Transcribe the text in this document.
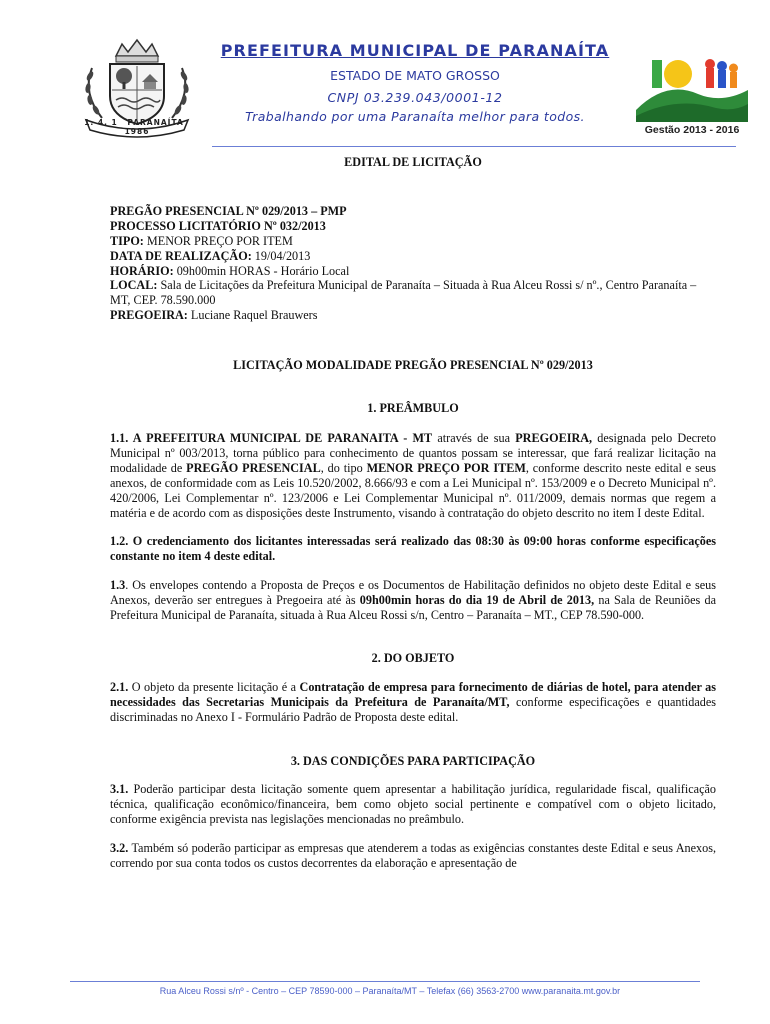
1. 4. 1 PARANAÍTA 1986
PREFEITURA MUNICIPAL DE PARANAÍTA
ESTADO DE MATO GROSSO
CNPJ 03.239.043/0001-12
Trabalhando por uma Paranaíta melhor para todos.
Gestão 2013 - 2016
EDITAL DE LICITAÇÃO

PREGÃO PRESENCIAL Nº 029/2013 – PMP

PROCESSO LICITATÓRIO Nº 032/2013

TIPO: MENOR PREÇO POR ITEM

DATA DE REALIZAÇÃO: 19/04/2013

HORÁRIO: 09h00min HORAS - Horário Local

LOCAL: Sala de Licitações da Prefeitura Municipal de Paranaíta – Situada à Rua Alceu Rossi s/ nº., Centro Paranaíta – MT, CEP. 78.590.000

PREGOEIRA: Luciane Raquel Brauwers

LICITAÇÃO MODALIDADE PREGÃO PRESENCIAL Nº 029/2013
1. PREÂMBULO

1.1. A PREFEITURA MUNICIPAL DE PARANAITA - MT através de sua PREGOEIRA, designada pelo Decreto Municipal nº 003/2013, torna público para conhecimento de quantos possam se interessar, que fará realizar licitação na modalidade de PREGÃO PRESENCIAL, do tipo MENOR PREÇO POR ITEM, conforme descrito neste edital e seus anexos, de conformidade com as Leis 10.520/2002, 8.666/93 e com a Lei Municipal nº. 153/2009 e o Decreto Municipal nº. 420/2006, Lei Complementar nº. 123/2006 e Lei Complementar Municipal nº. 011/2009, demais normas que regem a matéria e de acordo com as disposições deste Instrumento, visando à contratação do objeto descrito no item I deste Edital.

1.2. O credenciamento dos licitantes interessadas será realizado das 08:30 às 09:00 horas conforme especificações constante no item 4 deste edital.

1.3. Os envelopes contendo a Proposta de Preços e os Documentos de Habilitação definidos no objeto deste Edital e seus Anexos, deverão ser entregues à Pregoeira até às 09h00min horas do dia 19 de Abril de 2013, na Sala de Reuniões da Prefeitura Municipal de Paranaíta, situada à Rua Alceu Rossi s/n, Centro – Paranaíta – MT., CEP 78.590-000.

2. DO OBJETO

2.1. O objeto da presente licitação é a Contratação de empresa para fornecimento de diárias de hotel, para atender as necessidades das Secretarias Municipais da Prefeitura de Paranaíta/MT, conforme especificações e quantidades discriminadas no Anexo I - Formulário Padrão de Proposta deste edital.

3. DAS CONDIÇÕES PARA PARTICIPAÇÃO

3.1. Poderão participar desta licitação somente quem apresentar a habilitação jurídica, regularidade fiscal, qualificação técnica, qualificação econômico/financeira, bem como objeto social pertinente e compatível com o objeto licitado, conforme exigência prevista nas legislações mencionadas no preâmbulo.

3.2. Também só poderão participar as empresas que atenderem a todas as exigências constantes deste Edital e seus Anexos, correndo por sua conta todos os custos decorrentes da elaboração e apresentação de

Rua Alceu Rossi s/nº - Centro – CEP 78590-000 – Paranaíta/MT – Telefax (66) 3563-2700 www.paranaita.mt.gov.br
